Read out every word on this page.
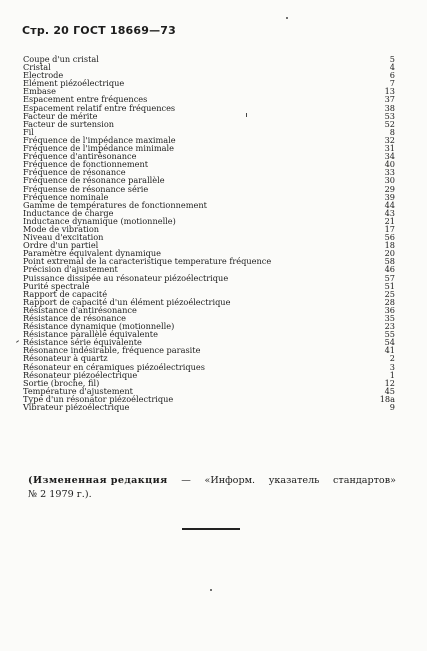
Стр. 20 ГОСТ 18669—73
Coupe d'un cristal	5
Cristal	4
Electrode	6
Elément piézoélectrique	7
Embase	13
Espacement entre fréquences	37
Espacement relatif entre fréquences	38
Facteur de mérite	53
Facteur de surtension	52
Fil	8
Fréquence de l'impédance maximale	32
Fréquence de l'impédance minimale	31
Fréquence d'antirésonance	34
Fréquence de fonctionnement	40
Fréquence de résonance	33
Fréquence de résonance parallèle	30
Fréquense de résonance série	29
Fréquence nominale	39
Gamme de températures de fonctionnement	44
Inductance de charge	43
Inductance dynamique (motionnelle)	21
Mode de vibration	17
Niveau d'excitation	56
Ordre d'un partiel	18
Paramètre équivalent dynamique	20
Point extremal de la caracteristique temperature fréquence	58
Précision d'ajustement	46
Puissance dissipée au résonateur piézoélectrique	57
Purité spectrale	51
Rapport de capacité	25
Rapport de capacité d'un élément piézoélectrique	28
Résistance d'antirésonance	36
Résistance de résonance	35
Résistance dynamique (motionnelle)	23
Résistance parallèle équivalente	55
Résistance série équivalente	54
Résonance indésirable, fréquence parasite	41
Résonateur à quartz	2
Résonateur en céramiques piézoélectriques	3
Résonateur piézoélectrique	1
Sortie (broche, fil)	12
Température d'ajustement	45
Type d'un résonator piézoélectrique	18a
Vibrateur piézoélectrique	9
(Измененная редакция — «Информ. указатель стандартов»
№ 2 1979 г.).
